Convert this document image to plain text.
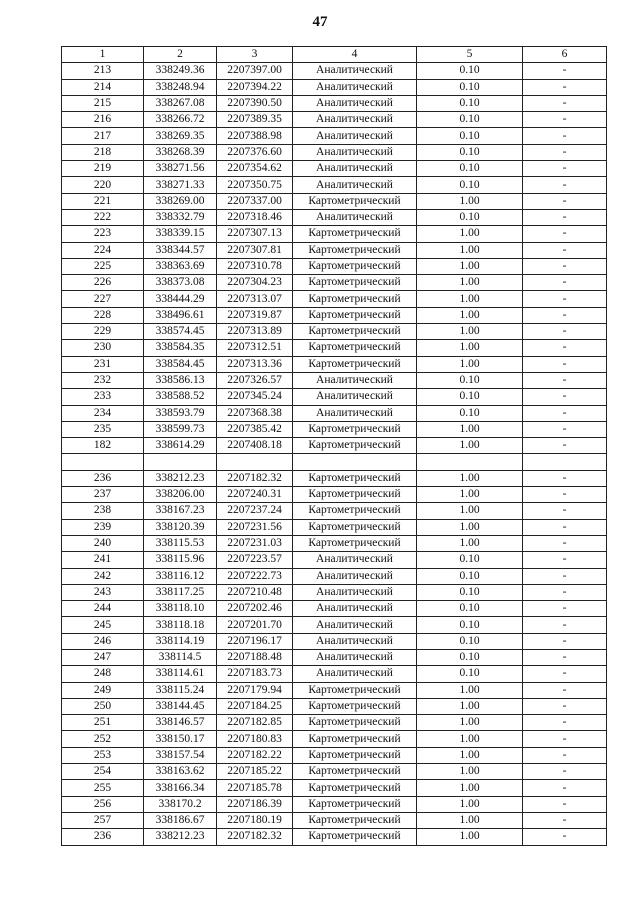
47
1	2	3	4	5	6
213	338249.36	2207397.00	Аналитический	0.10	-
214	338248.94	2207394.22	Аналитический	0.10	-
215	338267.08	2207390.50	Аналитический	0.10	-
216	338266.72	2207389.35	Аналитический	0.10	-
217	338269.35	2207388.98	Аналитический	0.10	-
218	338268.39	2207376.60	Аналитический	0.10	-
219	338271.56	2207354.62	Аналитический	0.10	-
220	338271.33	2207350.75	Аналитический	0.10	-
221	338269.00	2207337.00	Картометрический	1.00	-
222	338332.79	2207318.46	Аналитический	0.10	-
223	338339.15	2207307.13	Картометрический	1.00	-
224	338344.57	2207307.81	Картометрический	1.00	-
225	338363.69	2207310.78	Картометрический	1.00	-
226	338373.08	2207304.23	Картометрический	1.00	-
227	338444.29	2207313.07	Картометрический	1.00	-
228	338496.61	2207319.87	Картометрический	1.00	-
229	338574.45	2207313.89	Картометрический	1.00	-
230	338584.35	2207312.51	Картометрический	1.00	-
231	338584.45	2207313.36	Картометрический	1.00	-
232	338586.13	2207326.57	Аналитический	0.10	-
233	338588.52	2207345.24	Аналитический	0.10	-
234	338593.79	2207368.38	Аналитический	0.10	-
235	338599.73	2207385.42	Картометрический	1.00	-
182	338614.29	2207408.18	Картометрический	1.00	-

236	338212.23	2207182.32	Картометрический	1.00	-
237	338206.00	2207240.31	Картометрический	1.00	-
238	338167.23	2207237.24	Картометрический	1.00	-
239	338120.39	2207231.56	Картометрический	1.00	-
240	338115.53	2207231.03	Картометрический	1.00	-
241	338115.96	2207223.57	Аналитический	0.10	-
242	338116.12	2207222.73	Аналитический	0.10	-
243	338117.25	2207210.48	Аналитический	0.10	-
244	338118.10	2207202.46	Аналитический	0.10	-
245	338118.18	2207201.70	Аналитический	0.10	-
246	338114.19	2207196.17	Аналитический	0.10	-
247	338114.5	2207188.48	Аналитический	0.10	-
248	338114.61	2207183.73	Аналитический	0.10	-
249	338115.24	2207179.94	Картометрический	1.00	-
250	338144.45	2207184.25	Картометрический	1.00	-
251	338146.57	2207182.85	Картометрический	1.00	-
252	338150.17	2207180.83	Картометрический	1.00	-
253	338157.54	2207182.22	Картометрический	1.00	-
254	338163.62	2207185.22	Картометрический	1.00	-
255	338166.34	2207185.78	Картометрический	1.00	-
256	338170.2	2207186.39	Картометрический	1.00	-
257	338186.67	2207180.19	Картометрический	1.00	-
236	338212.23	2207182.32	Картометрический	1.00	-
